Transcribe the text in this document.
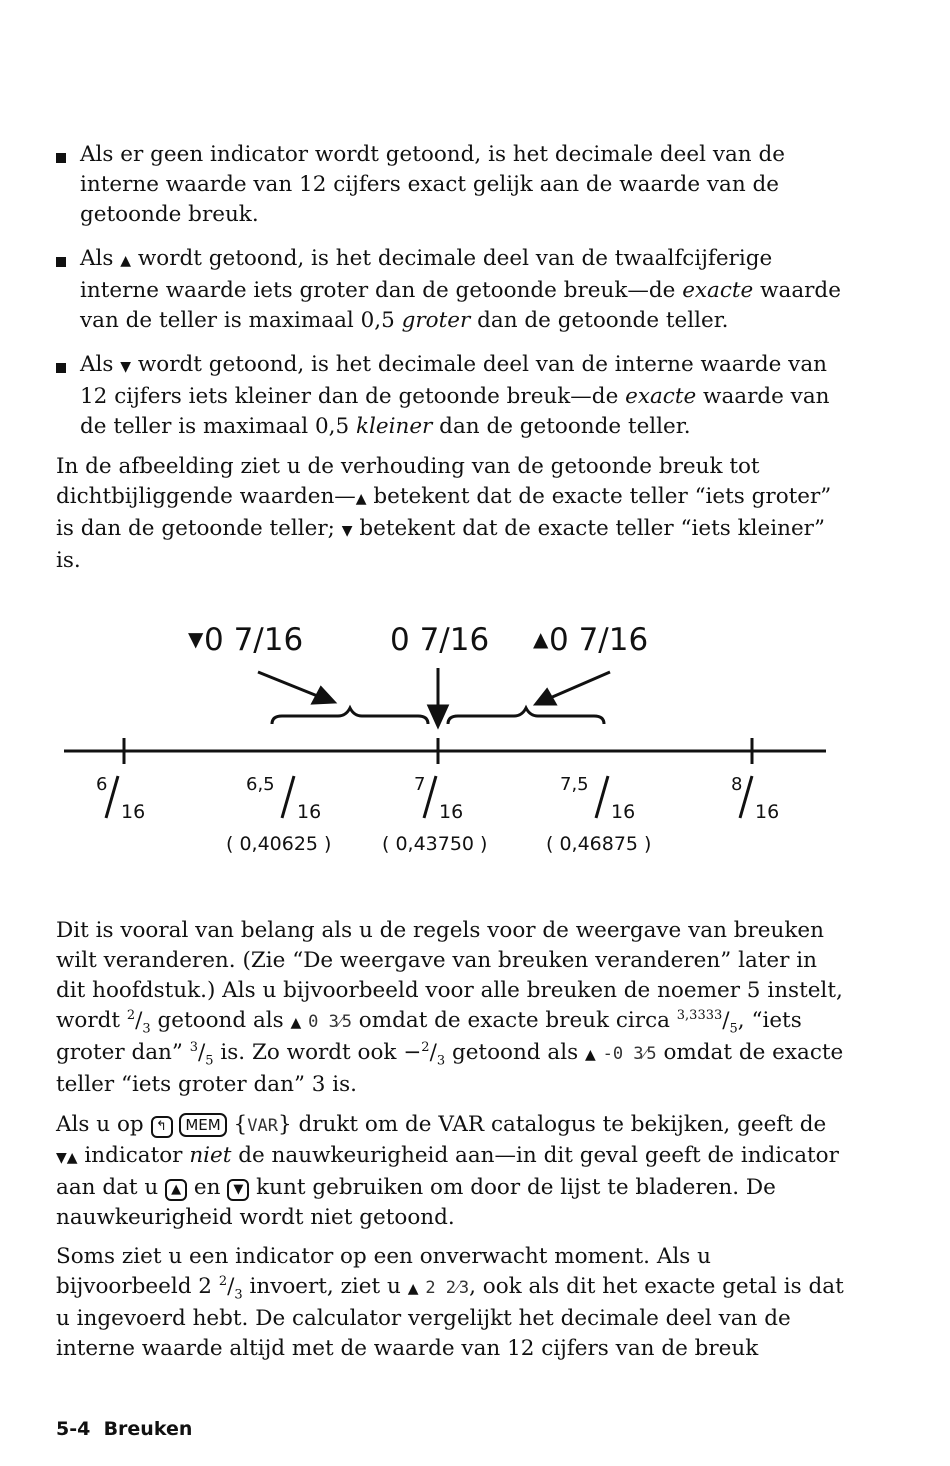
Als er geen indicator wordt getoond, is het decimale deel van de interne waarde van 12 cijfers exact gelijk aan de waarde van de getoonde breuk.
Als ▲ wordt getoond, is het decimale deel van de twaalfcijferige interne waarde iets groter dan de getoonde breuk—de exacte waarde van de teller is maximaal 0,5 groter dan de getoonde teller.
Als ▼ wordt getoond, is het decimale deel van de interne waarde van 12 cijfers iets kleiner dan de getoonde breuk—de exacte waarde van de teller is maximaal 0,5 kleiner dan de getoonde teller.

In de afbeelding ziet u de verhouding van de getoonde breuk tot dichtbijliggende waarden—▲ betekent dat de exacte teller “iets groter” is dan de getoonde teller; ▼ betekent dat de exacte teller “iets kleiner” is.

▼ 0 7/16	0 7/16 ▲ 0 7/16
6
16
6,5
16
7
16
7,5
16
8
16
( 0,40625 )	( 0,43750 )	( 0,46875 )

Dit is vooral van belang als u de regels voor de weergave van breuken wilt veranderen. (Zie “De weergave van breuken veranderen” later in dit hoofdstuk.) Als u bijvoorbeeld voor alle breuken de noemer 5 instelt, wordt $^2/_3$ getoond als ▲ 0 3⁄5 omdat de exacte breuk circa $^{3,3333}/_5$, “iets groter dan” $^3/_5$ is. Zo wordt ook $-^2/_3$ getoond als ▲ -0 3⁄5 omdat de exacte teller “iets groter dan” 3 is.

Als u op ↰ MEM {VAR} drukt om de VAR catalogus te bekijken, geeft de ▼▲ indicator niet de nauwkeurigheid aan—in dit geval geeft de indicator aan dat u ▲ en ▼ kunt gebruiken om door de lijst te bladeren. De nauwkeurigheid wordt niet getoond.

Soms ziet u een indicator op een onverwacht moment. Als u bijvoorbeeld 2 $^2/_3$ invoert, ziet u ▲ 2 2⁄3, ook als dit het exacte getal is dat u ingevoerd hebt. De calculator vergelijkt het decimale deel van de interne waarde altijd met de waarde van 12 cijfers van de breuk

5-4 Breuken
